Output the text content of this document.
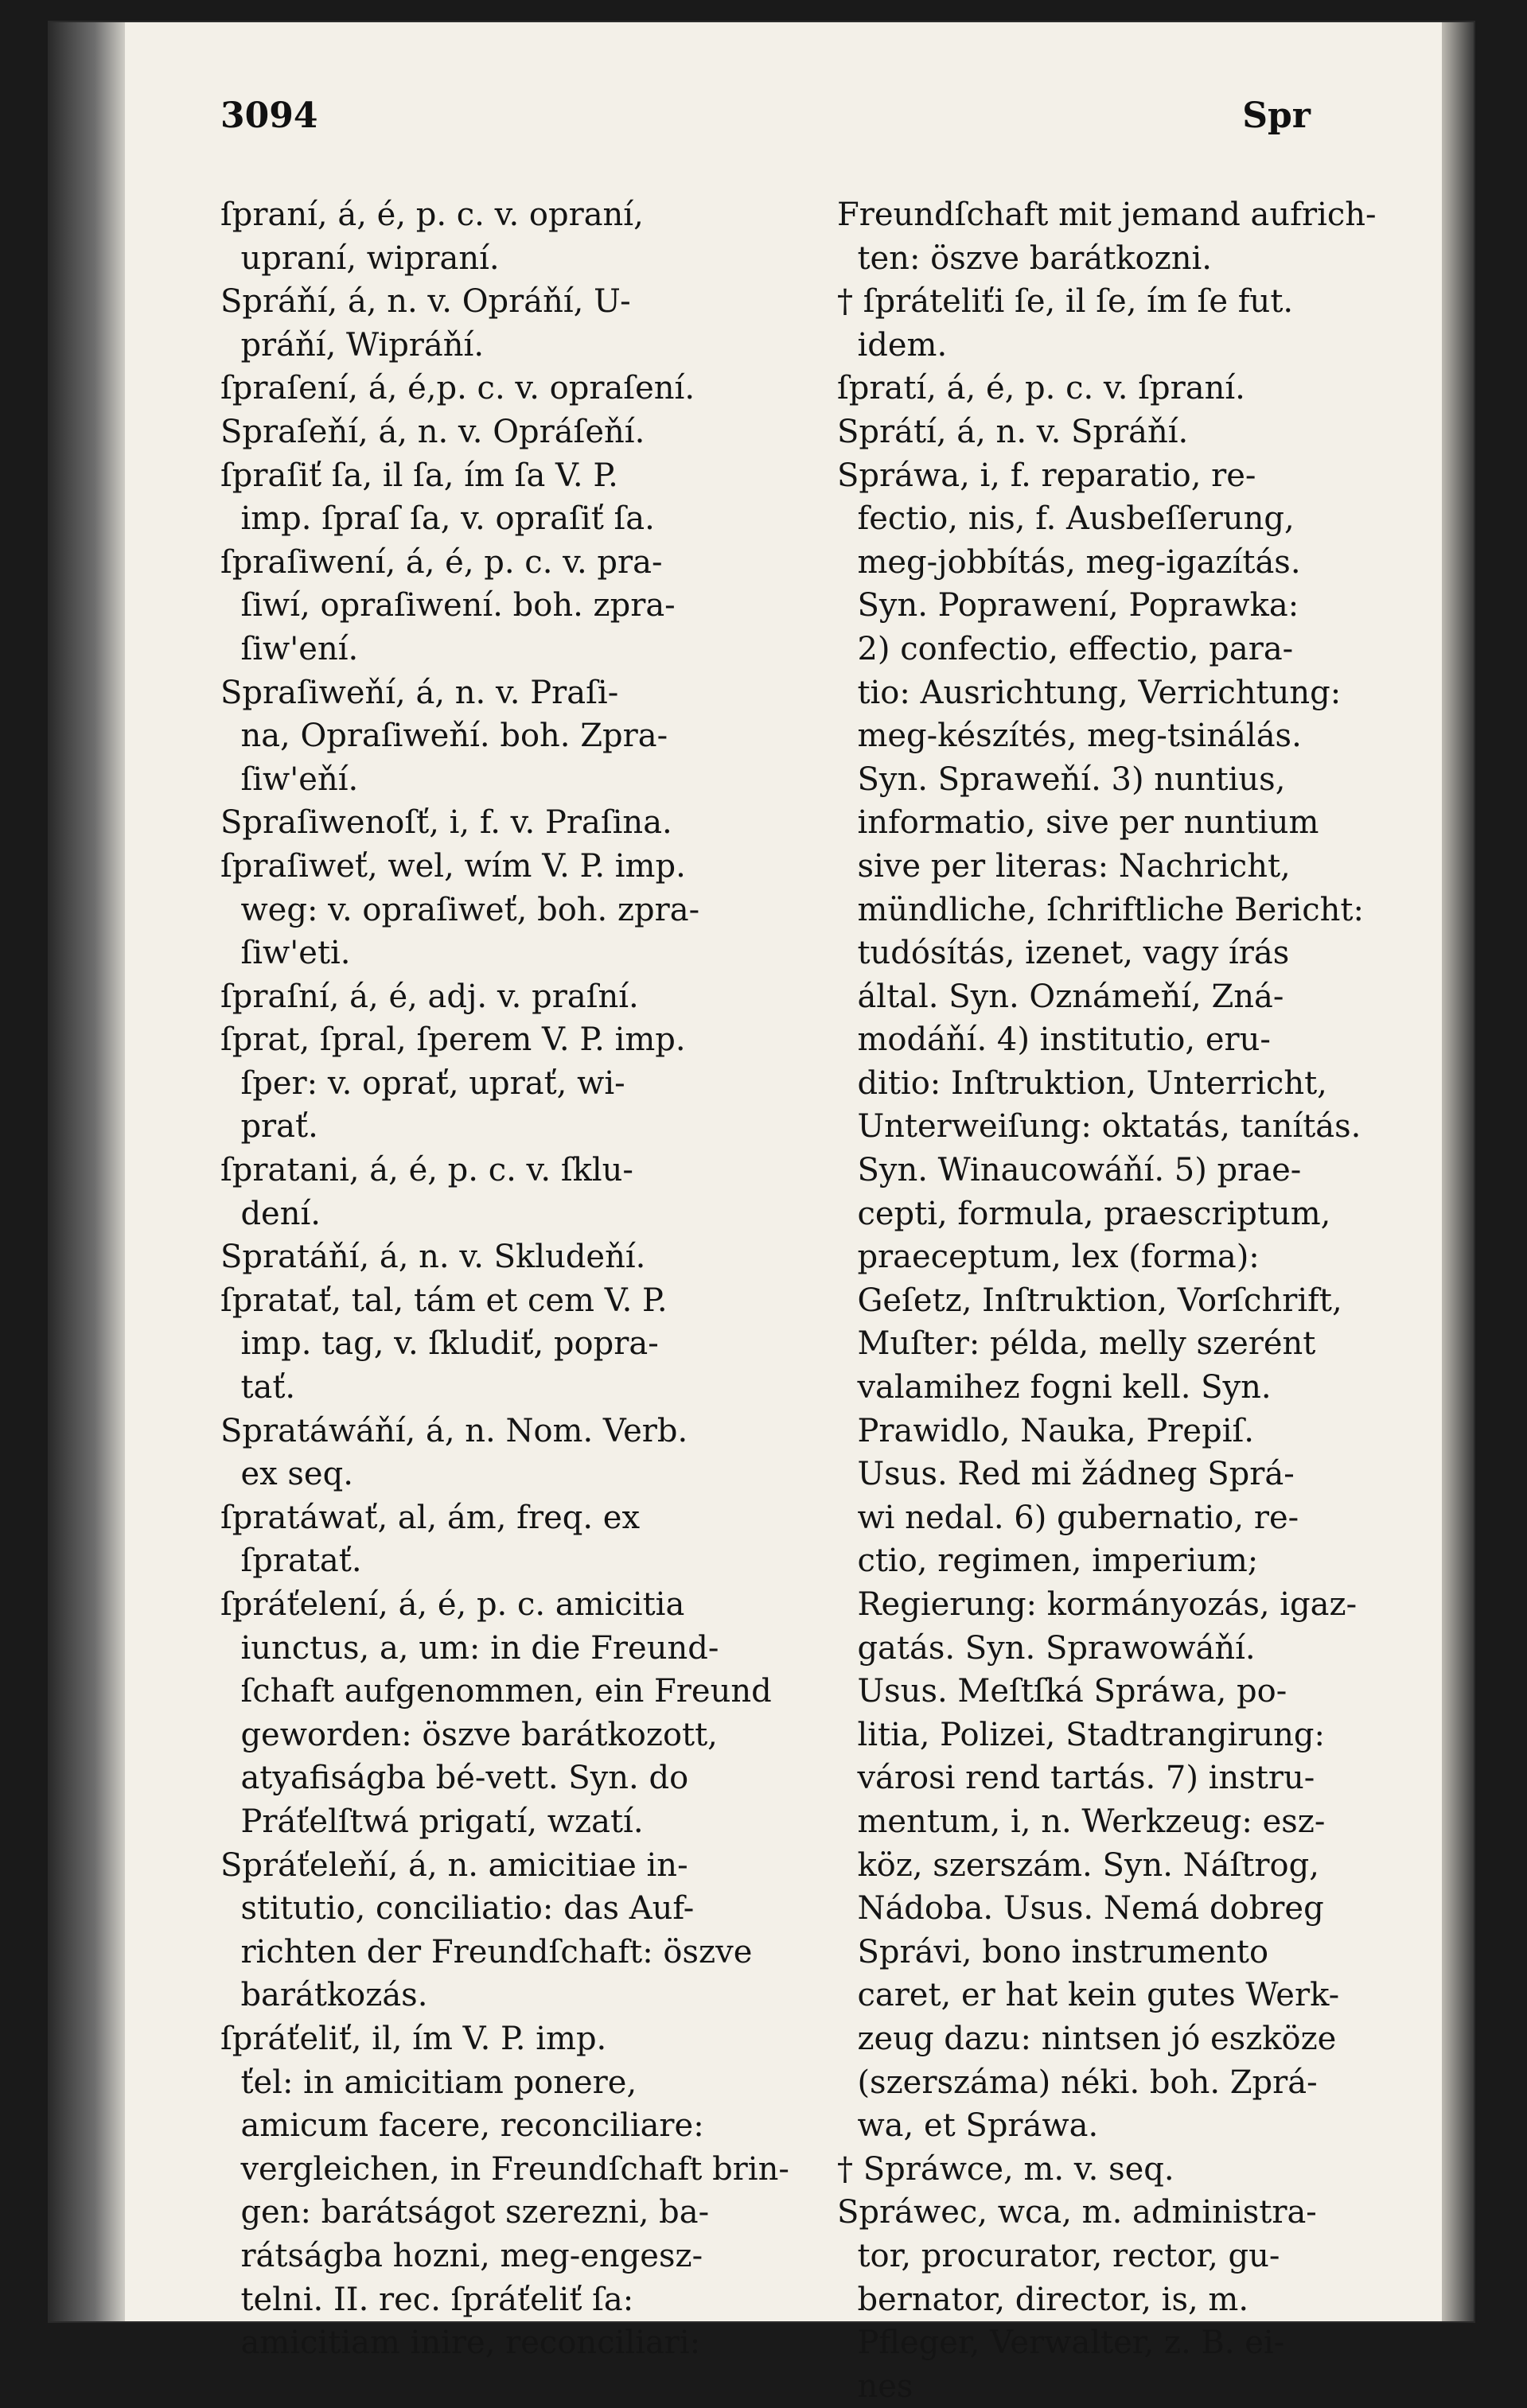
3094	Spr
ſpraní, á, é, p. c. v. opraní,
upraní, wipraní.
Spráňí, á, n. v. Opráňí, U-
práňí, Wipráňí.
ſpraſení, á, é,p. c. v. opraſení.
Spraſeňí, á, n. v. Opráſeňí.
ſpraſiť ſa, il ſa, ím ſa V. P.
imp. ſpraſ ſa, v. opraſiť ſa.
ſpraſiwení, á, é, p. c. v. pra-
ſiwí, opraſiwení. boh. zpra-
ſiw'ení.
Spraſiweňí, á, n. v. Praſi-
na, Opraſiweňí. boh. Zpra-
ſiw'eňí.
Spraſiwenoſť, i, f. v. Praſina.
ſpraſiweť, wel, wím V. P. imp.
weg: v. opraſiweť, boh. zpra-
ſiw'eti.
ſpraſní, á, é, adj. v. praſní.
ſprat, ſpral, ſperem V. P. imp.
ſper: v. oprať, uprať, wi-
prať.
ſpratani, á, é, p. c. v. ſklu-
dení.
Spratáňí, á, n. v. Skludeňí.
ſpratať, tal, tám et cem V. P.
imp. tag, v. ſkludiť, popra-
tať.
Spratáwáňí, á, n. Nom. Verb.
ex seq.
ſpratáwať, al, ám, freq. ex
ſpratať.
ſpráťelení, á, é, p. c. amicitia
iunctus, a, um: in die Freund-
ſchaft aufgenommen, ein Freund
geworden: öszve barátkozott,
atyafiságba bé-vett. Syn. do
Práťelſtwá prigatí, wzatí.
Spráťeleňí, á, n. amicitiae in-
stitutio, conciliatio: das Auf-
richten der Freundſchaft: öszve
barátkozás.
ſpráťeliť, il, ím V. P. imp.
ťel: in amicitiam ponere,
amicum facere, reconciliare:
vergleichen, in Freundſchaft brin-
gen: barátságot szerezni, ba-
rátságba hozni, meg-engesz-
telni. II. rec. ſpráťeliť ſa:
amicitiam inire, reconciliari:
Freundſchaft mit jemand aufrich-
ten: öszve barátkozni.
† ſpráteliťi ſe, il ſe, ím ſe fut.
idem.
ſpratí, á, é, p. c. v. ſpraní.
Sprátí, á, n. v. Spráňí.
Spráwa, i, f. reparatio, re-
fectio, nis, f. Ausbeſſerung,
meg-jobbítás, meg-igazítás.
Syn. Poprawení, Poprawka:
2) confectio, effectio, para-
tio: Ausrichtung, Verrichtung:
meg-készítés, meg-tsinálás.
Syn. Spraweňí. 3) nuntius,
informatio, sive per nuntium
sive per literas: Nachricht,
mündliche, ſchriftliche Bericht:
tudósítás, izenet, vagy írás
által. Syn. Oznámeňí, Zná-
modáňí. 4) institutio, eru-
ditio: Inſtruktion, Unterricht,
Unterweiſung: oktatás, tanítás.
Syn. Winaucowáňí. 5) prae-
cepti, formula, praescriptum,
praeceptum, lex (forma):
Geſetz, Inſtruktion, Vorſchrift,
Muſter: példa, melly szerént
valamihez fogni kell. Syn.
Prawidlo, Nauka, Prepiſ.
Usus. Red mi žádneg Sprá-
wi nedal. 6) gubernatio, re-
ctio, regimen, imperium;
Regierung: kormányozás, igaz-
gatás. Syn. Sprawowáňí.
Usus. Meſtſká Spráwa, po-
litia, Polizei, Stadtrangirung:
városi rend tartás. 7) instru-
mentum, i, n. Werkzeug: esz-
köz, szerszám. Syn. Náſtrog,
Nádoba. Usus. Nemá dobreg
Správi, bono instrumento
caret, er hat kein gutes Werk-
zeug dazu: nintsen jó eszköze
(szerszáma) néki. boh. Zprá-
wa, et Spráwa.
† Spráwce, m. v. seq.
Spráwec, wca, m. administra-
tor, procurator, rector, gu-
bernator, director, is, m.
Pfleger, Verwalter, z. B. ei-
nes
